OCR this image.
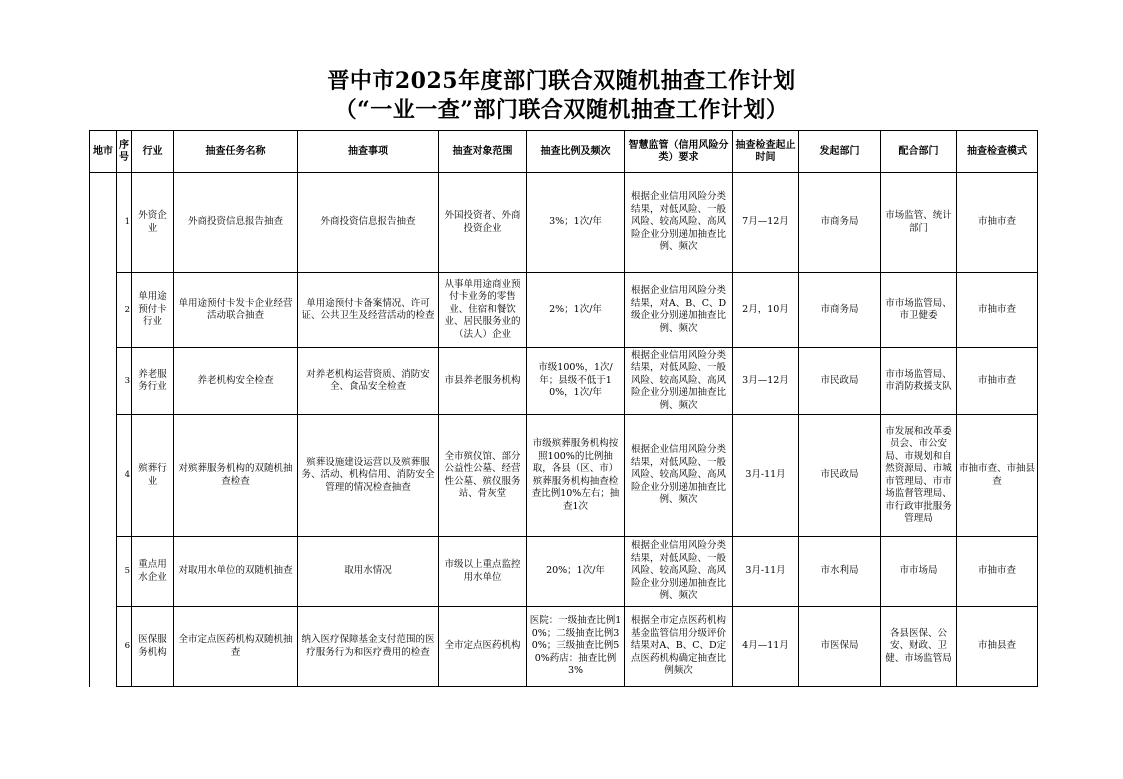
晋中市2025年度部门联合双随机抽查工作计划
（“一业一查”部门联合双随机抽查工作计划）
地市	序号	行业	抽查任务名称	抽查事项	抽查对象范围	抽查比例及频次	智慧监管（信用风险分类）要求	抽查检查起止时间	发起部门	配合部门	抽查检查模式
	1	外资企业	外商投资信息报告抽查	外商投资信息报告抽查	外国投资者、外商投资企业	3%；1次/年	根据企业信用风险分类结果，对低风险、一般风险、较高风险、高风险企业分别递加抽查比例、频次	7月—12月	市商务局	市场监管、统计部门	市抽市查
	2	单用途预付卡行业	单用途预付卡发卡企业经营活动联合抽查	单用途预付卡备案情况、许可证、公共卫生及经营活动的检查	从事单用途商业预付卡业务的零售业、住宿和餐饮业、居民服务业的（法人）企业	2%；1次/年	根据企业信用风险分类结果，对A、B、C、D级企业分别递加抽查比例、频次	2月，10月	市商务局	市市场监管局、市卫健委	市抽市查
	3	养老服务行业	养老机构安全检查	对养老机构运营资质、消防安全、食品安全检查	市县养老服务机构	市级100%，1次/年；县级不低于10%，1次/年	根据企业信用风险分类结果，对低风险、一般风险、较高风险、高风险企业分别递加抽查比例、频次	3月—12月	市民政局	市市场监管局、市消防救援支队	市抽市查
	4	殡葬行业	对殡葬服务机构的双随机抽查检查	殡葬设施建设运营以及殡葬服务、活动、机构信用、消防安全管理的情况检查抽查	全市殡仪馆、部分公益性公墓、经营性公墓、殡仪服务站、骨灰堂	市级殡葬服务机构按照100%的比例抽取，各县（区、市）殡葬服务机构抽查检查比例10%左右；抽查1次	根据企业信用风险分类结果，对低风险、一般风险、较高风险、高风险企业分别递加抽查比例、频次	3月-11月	市民政局	市发展和改革委员会、市公安局、市规划和自然资源局、市城市管理局、市市场监督管理局、市行政审批服务管理局	市抽市查、市抽县查
	5	重点用水企业	对取用水单位的双随机抽查	取用水情况	市级以上重点监控用水单位	20%；1次/年	根据企业信用风险分类结果，对低风险、一般风险、较高风险、高风险企业分别递加抽查比例、频次	3月-11月	市水利局	市市场局	市抽市查
	6	医保服务机构	全市定点医药机构双随机抽查	纳入医疗保障基金支付范围的医疗服务行为和医疗费用的检查	全市定点医药机构	医院：一级抽查比例10%；二级抽查比例30%；三级抽查比例50%药店：抽查比例3%	根据全市定点医药机构基金监管信用分级评价结果对A、B、C、D定点医药机构确定抽查比例频次	4月—11月	市医保局	各县医保、公安、财政、卫健、市场监管局	市抽县查
